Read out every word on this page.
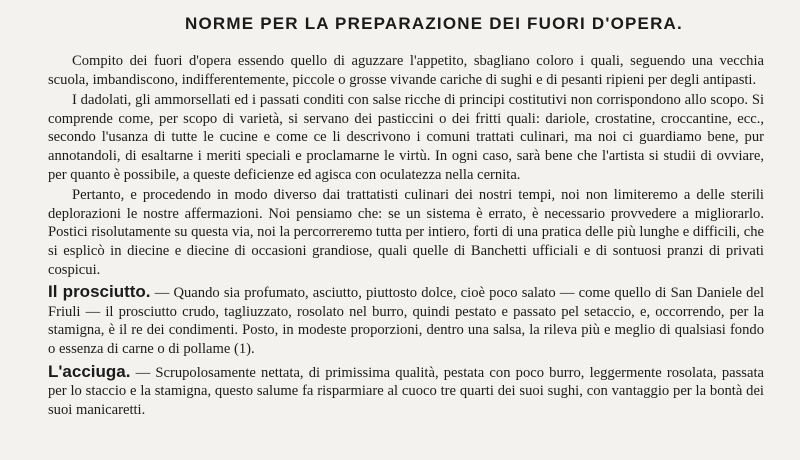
NORME PER LA PREPARAZIONE DEI FUORI D'OPERA.

Compito dei fuori d'opera essendo quello di aguzzare l'appetito, sbagliano coloro i quali, seguendo una vecchia scuola, imbandiscono, indifferentemente, piccole o grosse vivande cariche di sughi e di pesanti ripieni per degli antipasti.

I dadolati, gli ammorsellati ed i passati conditi con salse ricche di principi costitutivi non corrispondono allo scopo. Si comprende come, per scopo di varietà, si servano dei pasticcini o dei fritti quali: dariole, crostatine, croccantine, ecc., secondo l'usanza di tutte le cucine e come ce li descrivono i comuni trattati culinari, ma noi ci guardiamo bene, pur annotandoli, di esaltarne i meriti speciali e proclamarne le virtù. In ogni caso, sarà bene che l'artista si studii di ovviare, per quanto è possibile, a queste deficienze ed agisca con oculatezza nella cernita.

Pertanto, e procedendo in modo diverso dai trattatisti culinari dei nostri tempi, noi non limiteremo a delle sterili deplorazioni le nostre affermazioni. Noi pensiamo che: se un sistema è errato, è necessario provvedere a migliorarlo. Postici risolutamente su questa via, noi la percorreremo tutta per intiero, forti di una pratica delle più lunghe e difficili, che si esplicò in diecine e diecine di occasioni grandiose, quali quelle di Banchetti ufficiali e di sontuosi pranzi di privati cospicui.

Il prosciutto. — Quando sia profumato, asciutto, piuttosto dolce, cioè poco salato — come quello di San Daniele del Friuli — il prosciutto crudo, tagliuzzato, rosolato nel burro, quindi pestato e passato pel setaccio, e, occorrendo, per la stamigna, è il re dei condimenti. Posto, in modeste proporzioni, dentro una salsa, la rileva più e meglio di qualsiasi fondo o essenza di carne o di pollame (1).

L'acciuga. — Scrupolosamente nettata, di primissima qualità, pestata con poco burro, leggermente rosolata, passata per lo staccio e la stamigna, questo salume fa risparmiare al cuoco tre quarti dei suoi sughi, con vantaggio per la bontà dei suoi manicaretti.
